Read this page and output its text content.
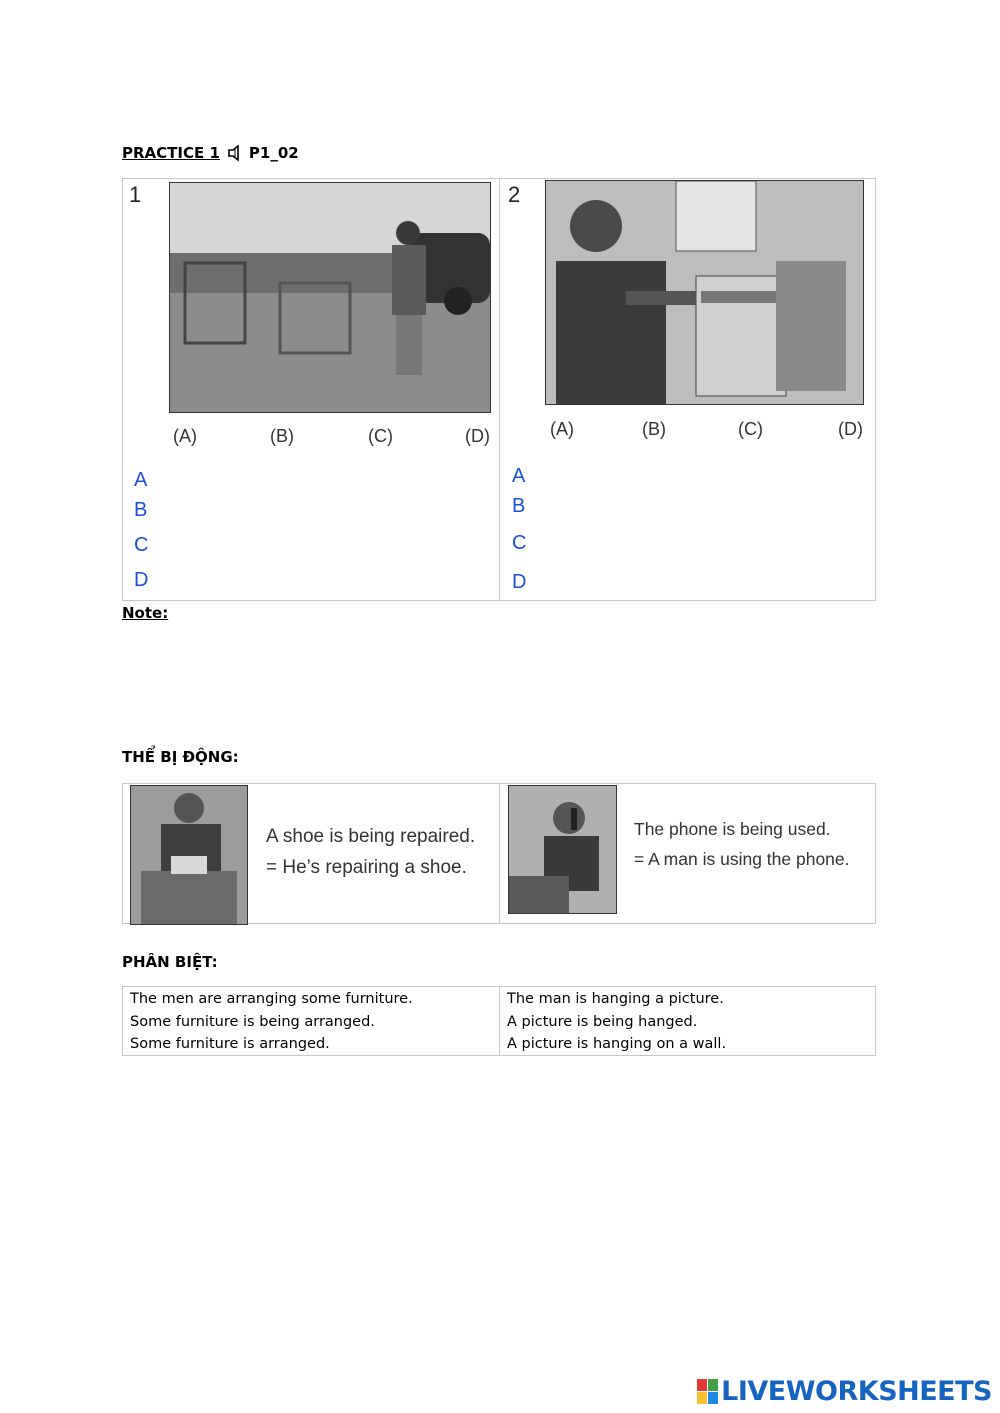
PRACTICE 1 P1_02
1
(A)	(B)	(C)	(D)
A
B
C
D
2
(A)	(B)	(C)	(D)
A
B
C
D
Note:
THỂ BỊ ĐỘNG:
A shoe is being repaired.
= He’s repairing a shoe.
The phone is being used.
= A man is using the phone.
PHÂN BIỆT:
The men are arranging some furniture.
Some furniture is being arranged.
Some furniture is arranged.
The man is hanging a picture.
A picture is being hanged.
A picture is hanging on a wall.
LIVEWORKSHEETS
